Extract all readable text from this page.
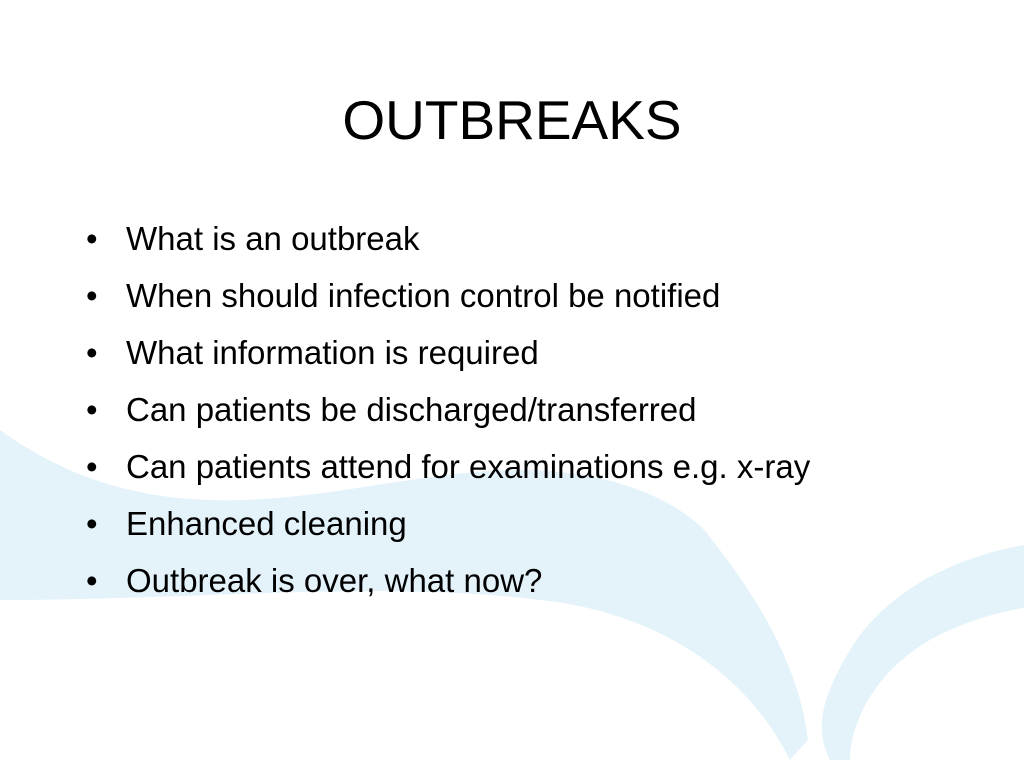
OUTBREAKS
• What is an outbreak
• When should infection control be notified
• What information is required
• Can patients be discharged/transferred
• Can patients attend for examinations e.g. x-ray
• Enhanced cleaning
• Outbreak is over, what now?
